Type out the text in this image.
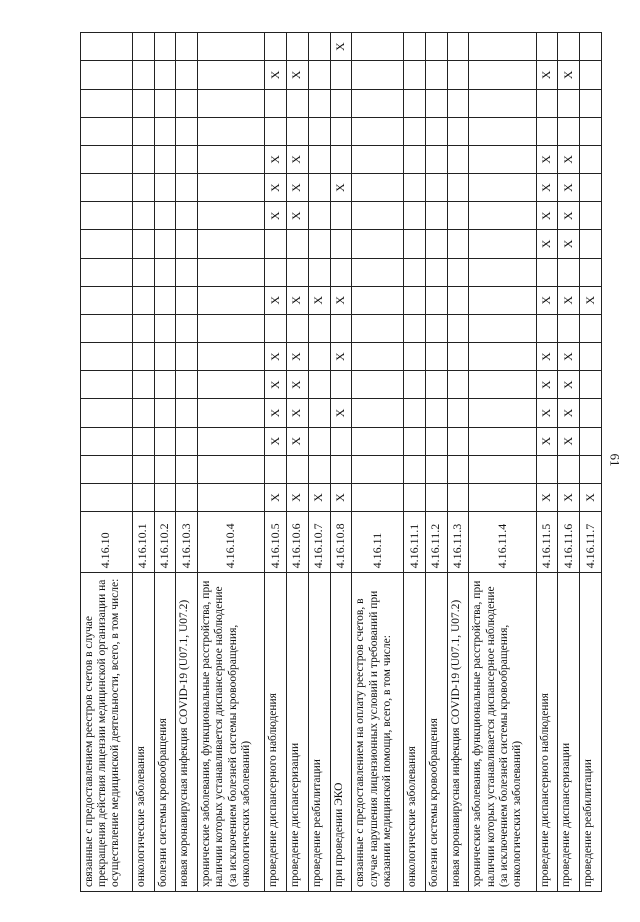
61
связанные с предоставлением реестров счетов в случае прекращения действия лицензии медицинской организации на осуществление медицинской деятельности, всего, в том числе:	4.16.10																	
онкологические заболевания	4.16.10.1																	
болезни системы кровообращения	4.16.10.2																	
новая коронавирусная инфекция COVID-19 (U07.1, U07.2)	4.16.10.3																	
хронические заболевания, функциональные расстройства, при наличии которых устанавливается диспансерное наблюдение (за исключением болезней системы кровообращения, онкологических заболеваний)	4.16.10.4																	
проведение диспансерного наблюдения	4.16.10.5	X		X	X	X	X		X			X	X	X			X	
проведение диспансеризации	4.16.10.6	X		X	X	X	X		X			X	X	X			X	
проведение реабилитации	4.16.10.7	X							X									
при проведении ЭКО	4.16.10.8	X			X		X		X				X					X
связанные с предоставлением на оплату реестров счетов, в случае нарушения лицензионных условий и требований при оказании медицинской помощи, всего, в том числе:	4.16.11																	
онкологические заболевания	4.16.11.1																	
болезни системы кровообращения	4.16.11.2																	
новая коронавирусная инфекция COVID-19 (U07.1, U07.2)	4.16.11.3																	
хронические заболевания, функциональные расстройства, при наличии которых устанавливается диспансерное наблюдение (за исключением болезней системы кровообращения, онкологических заболеваний)	4.16.11.4																	
проведение диспансерного наблюдения	4.16.11.5	X		X	X	X	X		X		X	X	X	X			X	
проведение диспансеризации	4.16.11.6	X		X	X	X	X		X		X	X	X	X			X	
проведение реабилитации	4.16.11.7	X							X									
